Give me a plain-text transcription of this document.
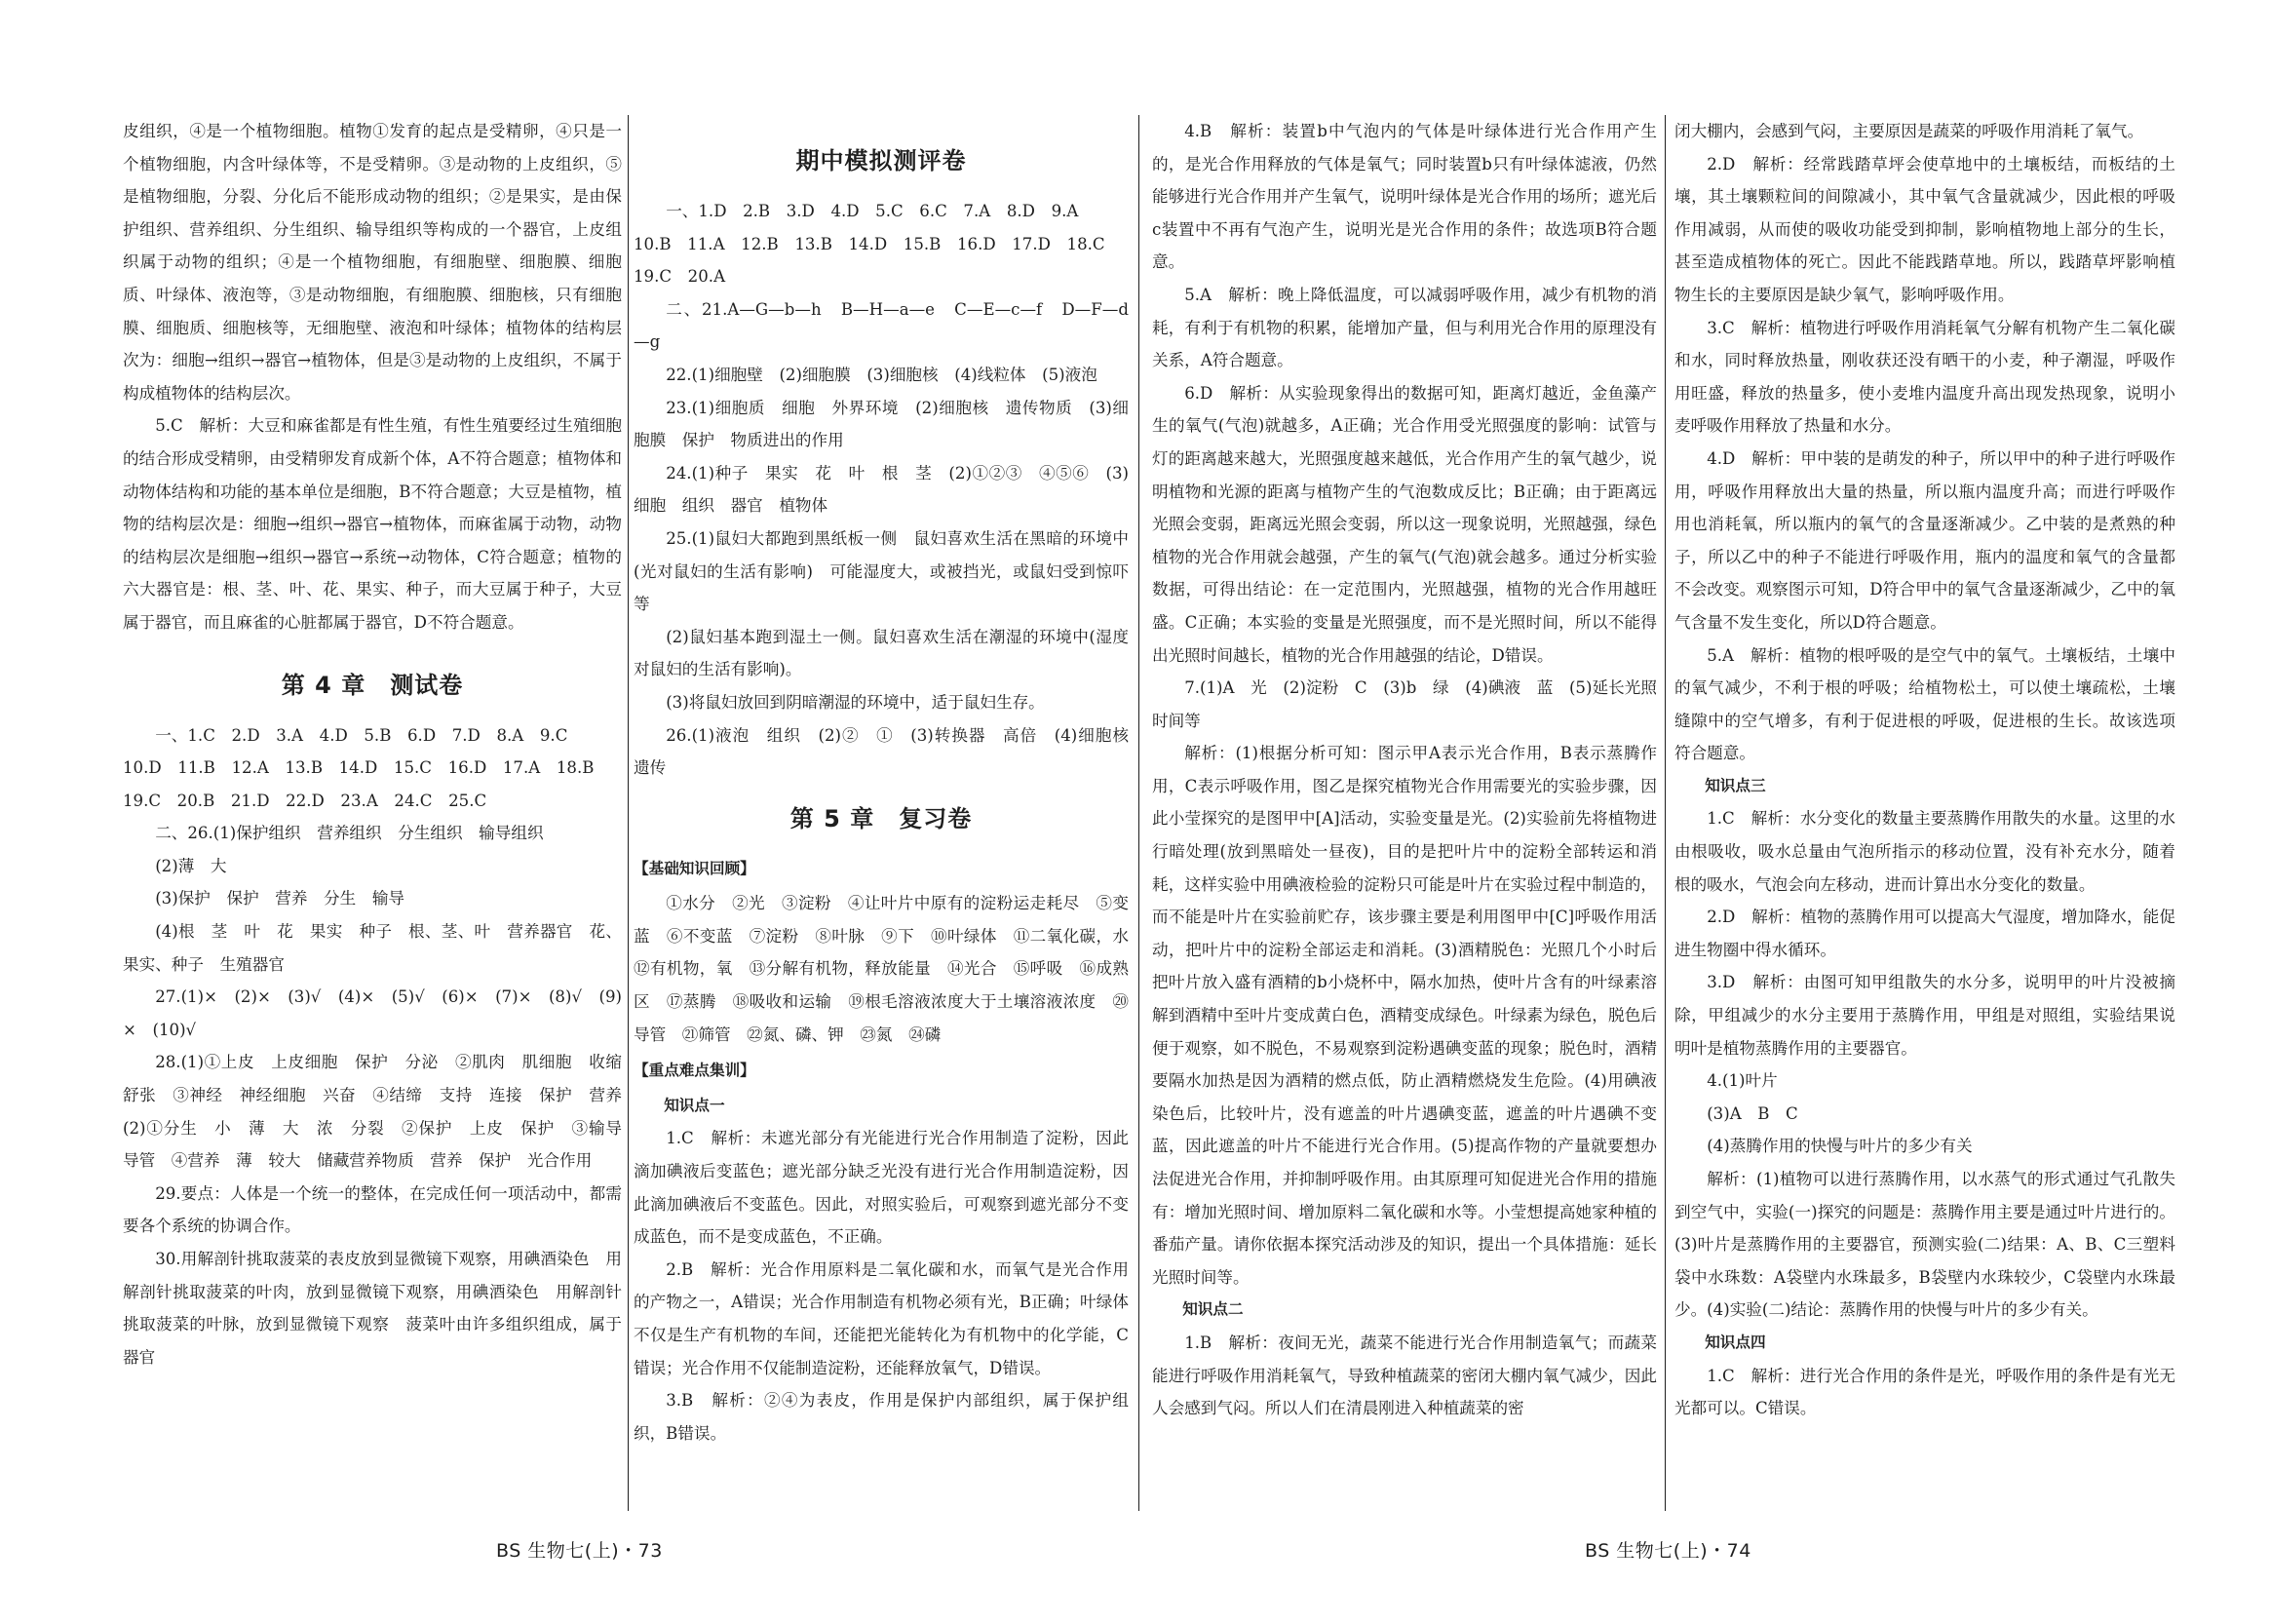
皮组织，④是一个植物细胞。植物①发育的起点是受精卵，④只是一个植物细胞，内含叶绿体等，不是受精卵。③是动物的上皮组织，⑤是植物细胞，分裂、分化后不能形成动物的组织；②是果实，是由保护组织、营养组织、分生组织、输导组织等构成的一个器官，上皮组织属于动物的组织；④是一个植物细胞，有细胞壁、细胞膜、细胞质、叶绿体、液泡等，③是动物细胞，有细胞膜、细胞核，只有细胞膜、细胞质、细胞核等，无细胞壁、液泡和叶绿体；植物体的结构层次为：细胞→组织→器官→植物体，但是③是动物的上皮组织，不属于构成植物体的结构层次。

5.C　解析：大豆和麻雀都是有性生殖，有性生殖要经过生殖细胞的结合形成受精卵，由受精卵发育成新个体，A不符合题意；植物体和动物体结构和功能的基本单位是细胞，B不符合题意；大豆是植物，植物的结构层次是：细胞→组织→器官→植物体，而麻雀属于动物，动物的结构层次是细胞→组织→器官→系统→动物体，C符合题意；植物的六大器官是：根、茎、叶、花、果实、种子，而大豆属于种子，大豆属于器官，而且麻雀的心脏都属于器官，D不符合题意。

第 4 章　测试卷

一、1.C　2.D　3.A　4.D　5.B　6.D　7.D　8.A　9.C

10.D　11.B　12.A　13.B　14.D　15.C　16.D　17.A　18.B

19.C　20.B　21.D　22.D　23.A　24.C　25.C

二、26.(1)保护组织　营养组织　分生组织　输导组织

(2)薄　大

(3)保护　保护　营养　分生　输导

(4)根　茎　叶　花　果实　种子　根、茎、叶　营养器官　花、果实、种子　生殖器官

27.(1)×　(2)×　(3)√　(4)×　(5)√　(6)×　(7)×　(8)√　(9)×　(10)√

28.(1)①上皮　上皮细胞　保护　分泌　②肌肉　肌细胞　收缩　舒张　③神经　神经细胞　兴奋　④结缔　支持　连接　保护　营养　(2)①分生　小　薄　大　浓　分裂　②保护　上皮　保护　③输导　导管　④营养　薄　较大　储藏营养物质　营养　保护　光合作用

29.要点：人体是一个统一的整体，在完成任何一项活动中，都需要各个系统的协调合作。

30.用解剖针挑取菠菜的表皮放到显微镜下观察，用碘酒染色　用解剖针挑取菠菜的叶肉，放到显微镜下观察，用碘酒染色　用解剖针挑取菠菜的叶脉，放到显微镜下观察　菠菜叶由许多组织组成，属于器官

期中模拟测评卷

一、1.D　2.B　3.D　4.D　5.C　6.C　7.A　8.D　9.A

10.B　11.A　12.B　13.B　14.D　15.B　16.D　17.D　18.C

19.C　20.A

二、21.A—G—b—h　B—H—a—e　C—E—c—f　D—F—d—g

22.(1)细胞壁　(2)细胞膜　(3)细胞核　(4)线粒体　(5)液泡

23.(1)细胞质　细胞　外界环境　(2)细胞核　遗传物质　(3)细胞膜　保护　物质进出的作用

24.(1)种子　果实　花　叶　根　茎　(2)①②③　④⑤⑥　(3)细胞　组织　器官　植物体

25.(1)鼠妇大都跑到黑纸板一侧　鼠妇喜欢生活在黑暗的环境中(光对鼠妇的生活有影响)　可能湿度大，或被挡光，或鼠妇受到惊吓等

(2)鼠妇基本跑到湿土一侧。鼠妇喜欢生活在潮湿的环境中(湿度对鼠妇的生活有影响)。

(3)将鼠妇放回到阴暗潮湿的环境中，适于鼠妇生存。

26.(1)液泡　组织　(2)②　①　(3)转换器　高倍　(4)细胞核　遗传

第 5 章　复习卷

【基础知识回顾】

①水分　②光　③淀粉　④让叶片中原有的淀粉运走耗尽　⑤变蓝　⑥不变蓝　⑦淀粉　⑧叶脉　⑨下　⑩叶绿体　⑪二氧化碳，水　⑫有机物，氧　⑬分解有机物，释放能量　⑭光合　⑮呼吸　⑯成熟区　⑰蒸腾　⑱吸收和运输　⑲根毛溶液浓度大于土壤溶液浓度　⑳导管　㉑筛管　㉒氮、磷、钾　㉓氮　㉔磷

【重点难点集训】

知识点一

1.C　解析：未遮光部分有光能进行光合作用制造了淀粉，因此滴加碘液后变蓝色；遮光部分缺乏光没有进行光合作用制造淀粉，因此滴加碘液后不变蓝色。因此，对照实验后，可观察到遮光部分不变成蓝色，而不是变成蓝色，不正确。

2.B　解析：光合作用原料是二氧化碳和水，而氧气是光合作用的产物之一，A错误；光合作用制造有机物必须有光，B正确；叶绿体不仅是生产有机物的车间，还能把光能转化为有机物中的化学能，C错误；光合作用不仅能制造淀粉，还能释放氧气，D错误。

3.B　解析：②④为表皮，作用是保护内部组织，属于保护组织，B错误。

4.B　解析：装置b中气泡内的气体是叶绿体进行光合作用产生的，是光合作用释放的气体是氧气；同时装置b只有叶绿体滤液，仍然能够进行光合作用并产生氧气，说明叶绿体是光合作用的场所；遮光后c装置中不再有气泡产生，说明光是光合作用的条件；故选项B符合题意。

5.A　解析：晚上降低温度，可以减弱呼吸作用，减少有机物的消耗，有利于有机物的积累，能增加产量，但与利用光合作用的原理没有关系，A符合题意。

6.D　解析：从实验现象得出的数据可知，距离灯越近，金鱼藻产生的氧气(气泡)就越多，A正确；光合作用受光照强度的影响：试管与灯的距离越来越大，光照强度越来越低，光合作用产生的氧气越少，说明植物和光源的距离与植物产生的气泡数成反比；B正确；由于距离远光照会变弱，距离远光照会变弱，所以这一现象说明，光照越强，绿色植物的光合作用就会越强，产生的氧气(气泡)就会越多。通过分析实验数据，可得出结论：在一定范围内，光照越强，植物的光合作用越旺盛。C正确；本实验的变量是光照强度，而不是光照时间，所以不能得出光照时间越长，植物的光合作用越强的结论，D错误。

7.(1)A　光　(2)淀粉　C　(3)b　绿　(4)碘液　蓝　(5)延长光照时间等

解析：(1)根据分析可知：图示甲A表示光合作用，B表示蒸腾作用，C表示呼吸作用，图乙是探究植物光合作用需要光的实验步骤，因此小莹探究的是图甲中[A]活动，实验变量是光。(2)实验前先将植物进行暗处理(放到黑暗处一昼夜)，目的是把叶片中的淀粉全部转运和消耗，这样实验中用碘液检验的淀粉只可能是叶片在实验过程中制造的，而不能是叶片在实验前贮存，该步骤主要是利用图甲中[C]呼吸作用活动，把叶片中的淀粉全部运走和消耗。(3)酒精脱色：光照几个小时后把叶片放入盛有酒精的b小烧杯中，隔水加热，使叶片含有的叶绿素溶解到酒精中至叶片变成黄白色，酒精变成绿色。叶绿素为绿色，脱色后便于观察，如不脱色，不易观察到淀粉遇碘变蓝的现象；脱色时，酒精要隔水加热是因为酒精的燃点低，防止酒精燃烧发生危险。(4)用碘液染色后，比较叶片，没有遮盖的叶片遇碘变蓝，遮盖的叶片遇碘不变蓝，因此遮盖的叶片不能进行光合作用。(5)提高作物的产量就要想办法促进光合作用，并抑制呼吸作用。由其原理可知促进光合作用的措施有：增加光照时间、增加原料二氧化碳和水等。小莹想提高她家种植的番茄产量。请你依据本探究活动涉及的知识，提出一个具体措施：延长光照时间等。

知识点二

1.B　解析：夜间无光，蔬菜不能进行光合作用制造氧气；而蔬菜能进行呼吸作用消耗氧气，导致种植蔬菜的密闭大棚内氧气减少，因此人会感到气闷。所以人们在清晨刚进入种植蔬菜的密

闭大棚内，会感到气闷，主要原因是蔬菜的呼吸作用消耗了氧气。

2.D　解析：经常践踏草坪会使草地中的土壤板结，而板结的土壤，其土壤颗粒间的间隙减小，其中氧气含量就减少，因此根的呼吸作用减弱，从而使的吸收功能受到抑制，影响植物地上部分的生长，甚至造成植物体的死亡。因此不能践踏草地。所以，践踏草坪影响植物生长的主要原因是缺少氧气，影响呼吸作用。

3.C　解析：植物进行呼吸作用消耗氧气分解有机物产生二氧化碳和水，同时释放热量，刚收获还没有晒干的小麦，种子潮湿，呼吸作用旺盛，释放的热量多，使小麦堆内温度升高出现发热现象，说明小麦呼吸作用释放了热量和水分。

4.D　解析：甲中装的是萌发的种子，所以甲中的种子进行呼吸作用，呼吸作用释放出大量的热量，所以瓶内温度升高；而进行呼吸作用也消耗氧，所以瓶内的氧气的含量逐渐减少。乙中装的是煮熟的种子，所以乙中的种子不能进行呼吸作用，瓶内的温度和氧气的含量都不会改变。观察图示可知，D符合甲中的氧气含量逐渐减少，乙中的氧气含量不发生变化，所以D符合题意。

5.A　解析：植物的根呼吸的是空气中的氧气。土壤板结，土壤中的氧气减少，不利于根的呼吸；给植物松土，可以使土壤疏松，土壤缝隙中的空气增多，有利于促进根的呼吸，促进根的生长。故该选项符合题意。

知识点三

1.C　解析：水分变化的数量主要蒸腾作用散失的水量。这里的水由根吸收，吸水总量由气泡所指示的移动位置，没有补充水分，随着根的吸水，气泡会向左移动，进而计算出水分变化的数量。

2.D　解析：植物的蒸腾作用可以提高大气湿度，增加降水，能促进生物圈中得水循环。

3.D　解析：由图可知甲组散失的水分多，说明甲的叶片没被摘除，甲组减少的水分主要用于蒸腾作用，甲组是对照组，实验结果说明叶是植物蒸腾作用的主要器官。

4.(1)叶片

(3)A　B　C

(4)蒸腾作用的快慢与叶片的多少有关

解析：(1)植物可以进行蒸腾作用，以水蒸气的形式通过气孔散失到空气中，实验(一)探究的问题是：蒸腾作用主要是通过叶片进行的。(3)叶片是蒸腾作用的主要器官，预测实验(二)结果：A、B、C三塑料袋中水珠数：A袋壁内水珠最多，B袋壁内水珠较少，C袋壁内水珠最少。(4)实验(二)结论：蒸腾作用的快慢与叶片的多少有关。

知识点四

1.C　解析：进行光合作用的条件是光，呼吸作用的条件是有光无光都可以。C错误。

BS 生物七(上)・73	BS 生物七(上)・74
